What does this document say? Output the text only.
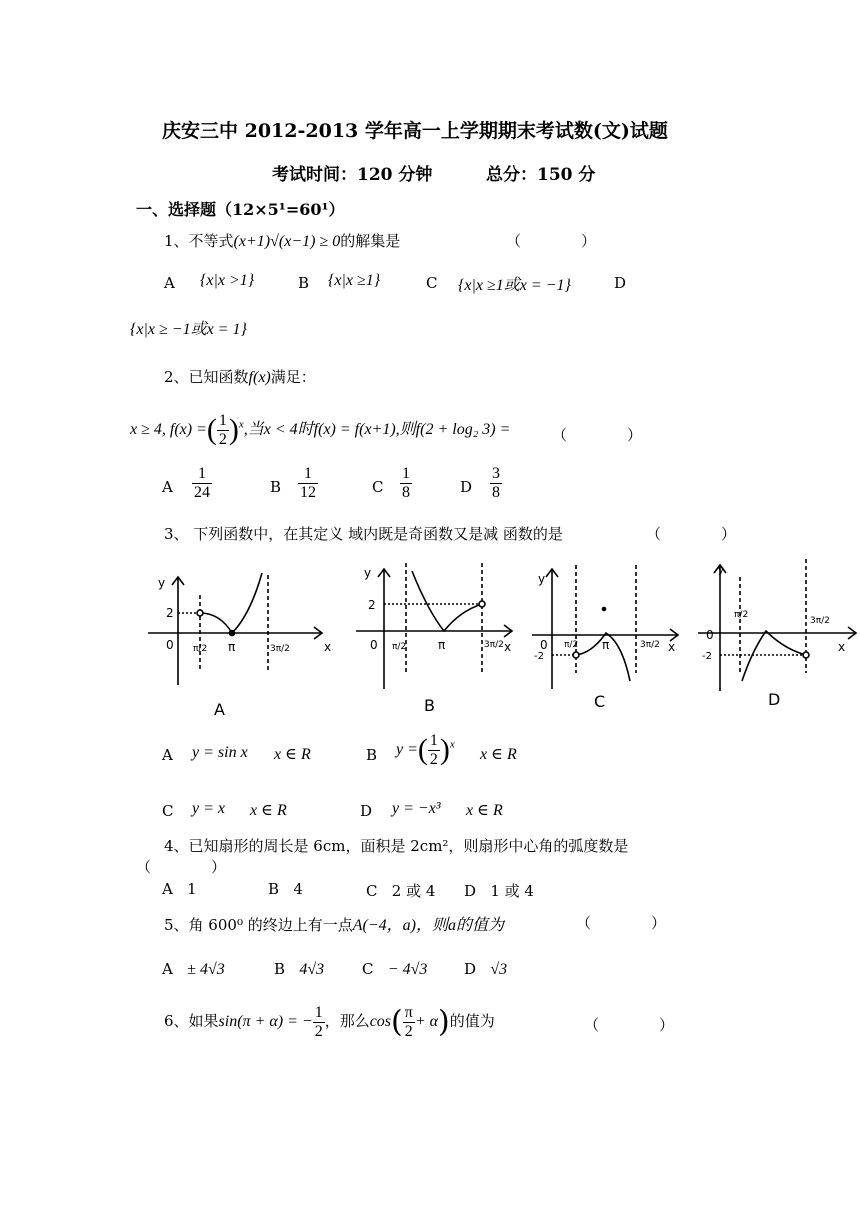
庆安三中 2012-2013 学年高一上学期期末考试数(文)试题
考试时间：120 分钟	总分：150 分
一、选择题（12×5¹=60¹）
1、不等式(x+1)√(x−1) ≥ 0的解集是	（　　　　）
A {x|x >1}	B {x|x ≥1}	C {x|x ≥1或x = −1}	D
{x|x ≥ −1或x = 1}
2、已知函数f(x)满足：
x ≥ 4, f(x) =( $\frac{1}{2} )^x$,当x < 4时f(x) = f(x+1),则f(2 + log₂ 3) =	（　　　　）
A $\frac{1}{24}$	B $\frac{1}{12}$	C $\frac{1}{8}$	D $\frac{3}{8}$
3、 下列函数中，在其定义 域内既是奇函数又是减 函数的是	（　　　　）
y
2
0 π/2 π	3π/2	x
y
2
0 π/2	π	3π/2 x
y
0
-2
π/2 π	3π/2 x
y
0
-2
π/2
3π/2
x
A	B	C	D
A y = sin x x ∈ R	B y =( $\frac{1}{2} )^x$
x ∈ R
C y = x x ∈ R	D y = −x³ x ∈ R
4、已知扇形的周长是 6cm，面积是 2cm²，则扇形中心角的弧度数是
（　　　　）
A 1	B 4	C 2 或 4 D 1 或 4
5、角 600⁰ 的终边上有一点A(−4，a)，则a的值为	（　　　　）
A ± 4√3	B 4√3	C − 4√3 D √3
6、如果sin(π + α) = − $\frac{1}{2}$ ，那么$\cos( \frac{\pi}{2} + \alpha)$的值为	（　　　　）
